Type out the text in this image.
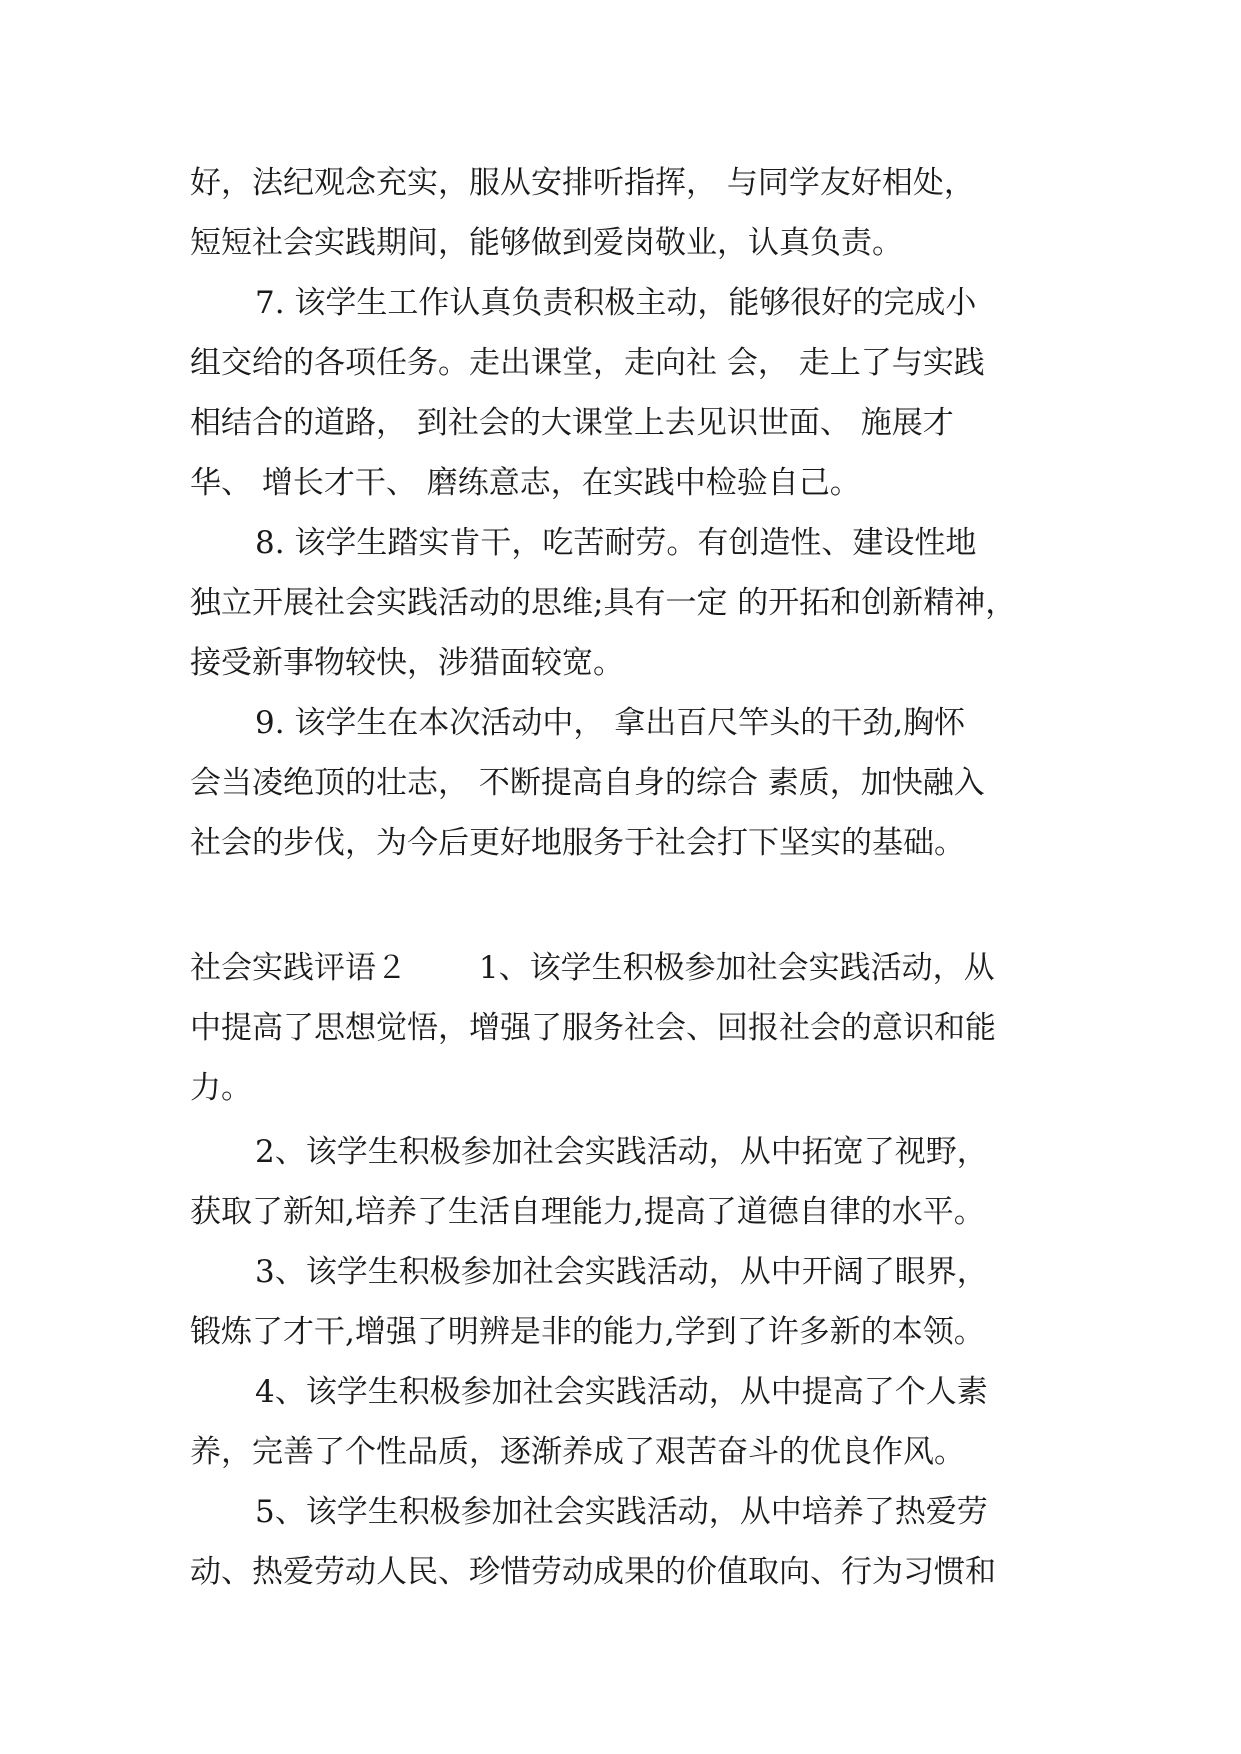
好，法纪观念充实，服从安排听指挥， 与同学友好相处，
短短社会实践期间，能够做到爱岗敬业，认真负责。
7. 该学生工作认真负责积极主动，能够很好的完成小
组交给的各项任务。走出课堂，走向社 会， 走上了与实践
相结合的道路， 到社会的大课堂上去见识世面、 施展才
华、 增长才干、 磨练意志，在实践中检验自己。
8. 该学生踏实肯干，吃苦耐劳。有创造性、建设性地
独立开展社会实践活动的思维;具有一定 的开拓和创新精神，
接受新事物较快，涉猎面较宽。
9. 该学生在本次活动中， 拿出百尺竿头的干劲,胸怀
会当凌绝顶的壮志， 不断提高自身的综合 素质，加快融入
社会的步伐，为今后更好地服务于社会打下坚实的基础。
社会实践评语２　　 1、该学生积极参加社会实践活动，从
中提高了思想觉悟，增强了服务社会、回报社会的意识和能
力。
2、该学生积极参加社会实践活动，从中拓宽了视野，
获取了新知,培养了生活自理能力,提高了道德自律的水平。
3、该学生积极参加社会实践活动，从中开阔了眼界，
锻炼了才干,增强了明辨是非的能力,学到了许多新的本领。
4、该学生积极参加社会实践活动，从中提高了个人素
养，完善了个性品质，逐渐养成了艰苦奋斗的优良作风。
5、该学生积极参加社会实践活动，从中培养了热爱劳
动、热爱劳动人民、珍惜劳动成果的价值取向、行为习惯和
